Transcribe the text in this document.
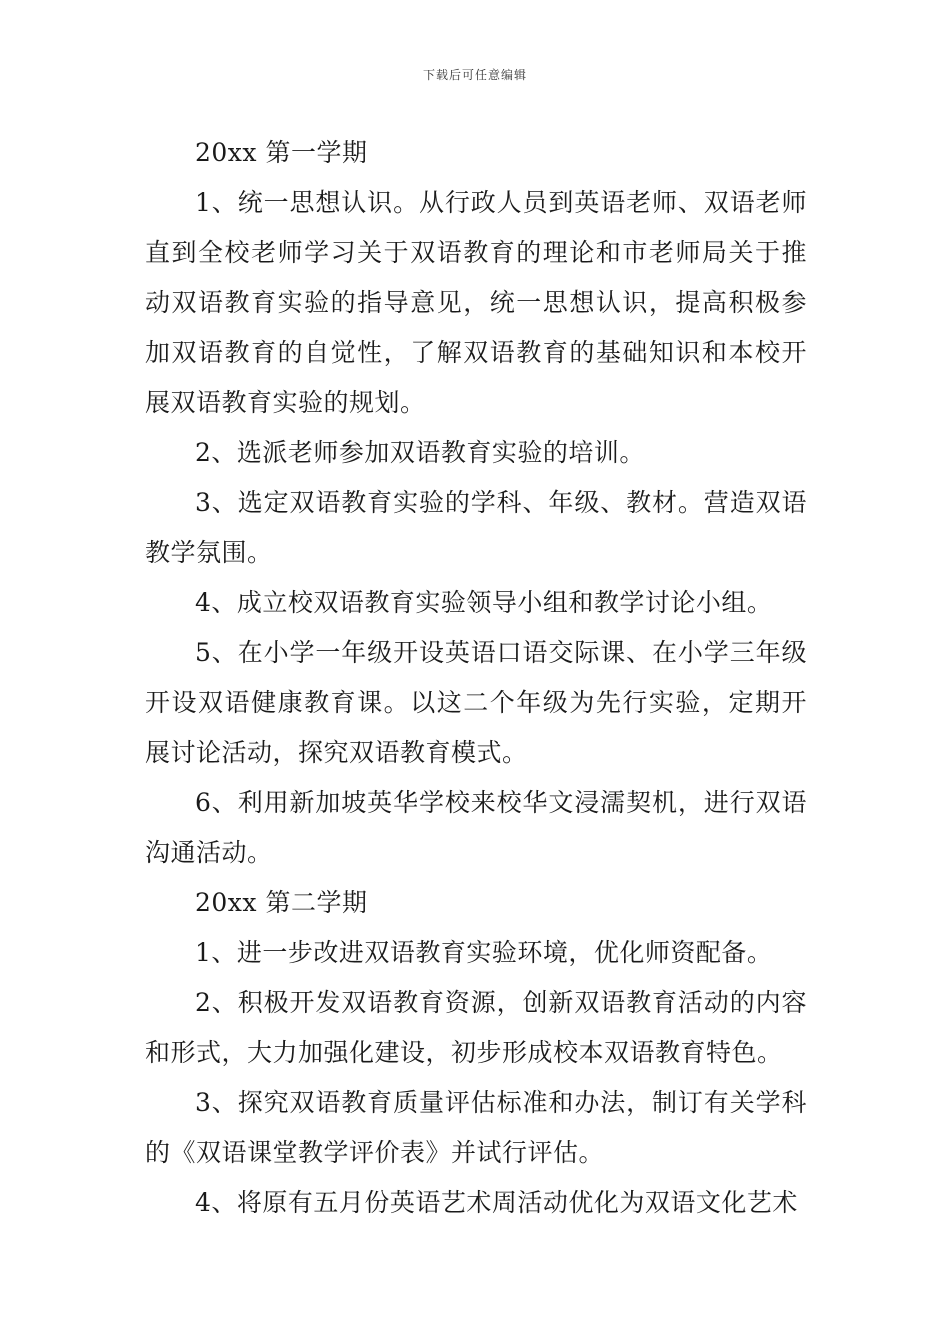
下载后可任意编辑

20xx 第一学期

1、统一思想认识。从行政人员到英语老师、双语老师直到全校老师学习关于双语教育的理论和市老师局关于推动双语教育实验的指导意见，统一思想认识，提高积极参加双语教育的自觉性，了解双语教育的基础知识和本校开展双语教育实验的规划。

2、选派老师参加双语教育实验的培训。

3、选定双语教育实验的学科、年级、教材。营造双语教学氛围。

4、成立校双语教育实验领导小组和教学讨论小组。

5、在小学一年级开设英语口语交际课、在小学三年级开设双语健康教育课。以这二个年级为先行实验，定期开展讨论活动，探究双语教育模式。

6、利用新加坡英华学校来校华文浸濡契机，进行双语沟通活动。

20xx 第二学期

1、进一步改进双语教育实验环境，优化师资配备。

2、积极开发双语教育资源，创新双语教育活动的内容和形式，大力加强化建设，初步形成校本双语教育特色。

3、探究双语教育质量评估标准和办法，制订有关学科的《双语课堂教学评价表》并试行评估。

4、将原有五月份英语艺术周活动优化为双语文化艺术
